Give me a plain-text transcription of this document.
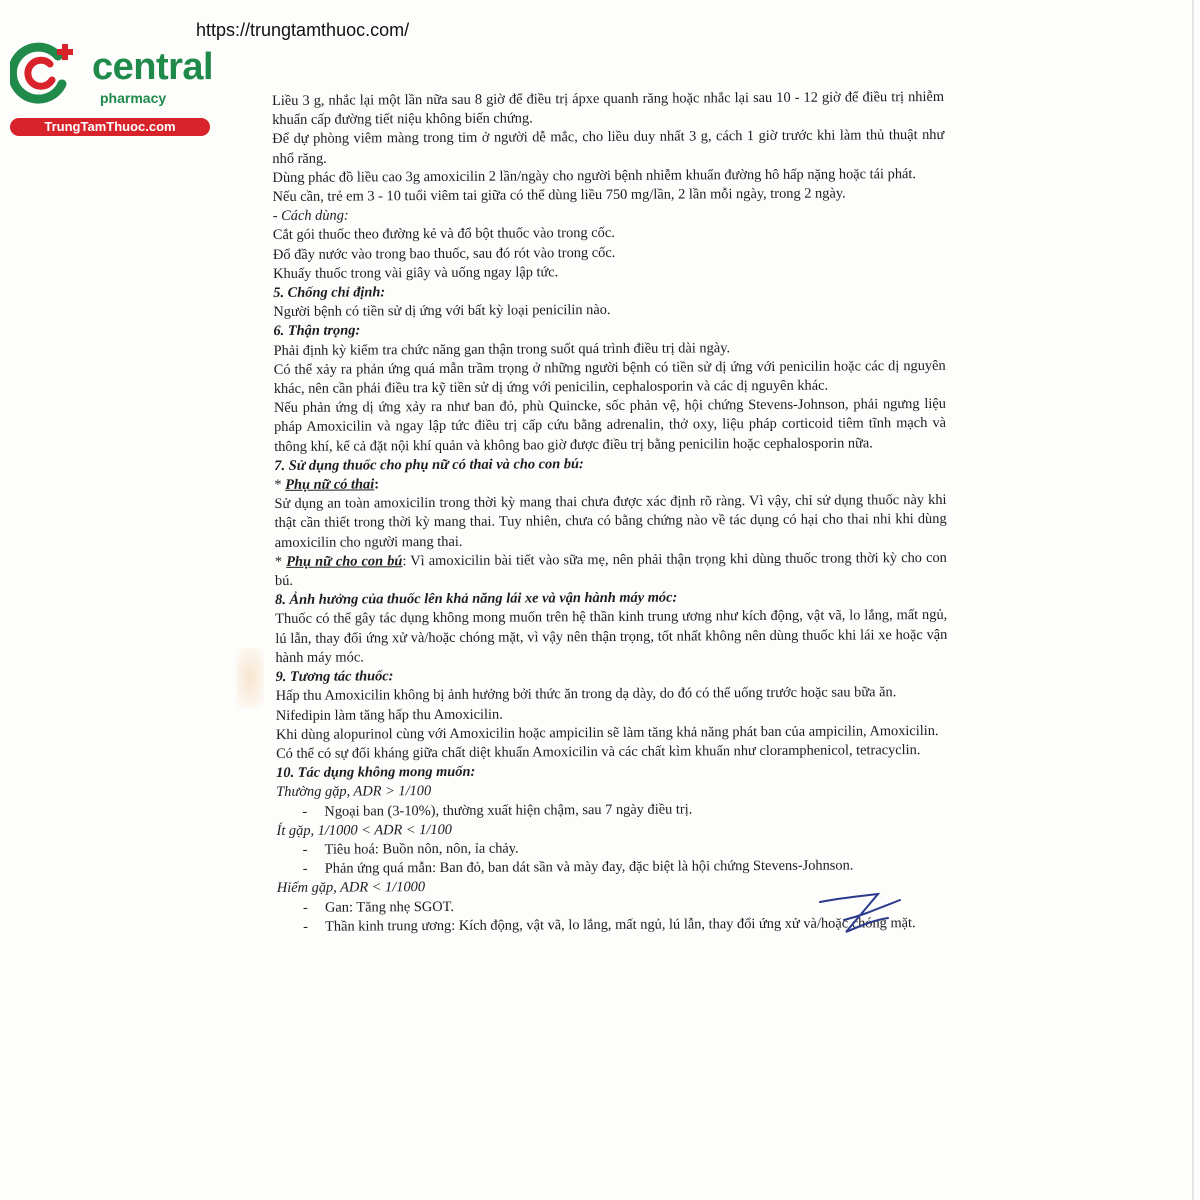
https://trungtamthuoc.com/
central
pharmacy
TrungTamThuoc.com

Liều 3 g, nhắc lại một lần nữa sau 8 giờ để điều trị ápxe quanh răng hoặc nhắc lại sau 10 - 12 giờ để điều trị nhiễm khuẩn cấp đường tiết niệu không biến chứng.

Để dự phòng viêm màng trong tim ở người dễ mắc, cho liều duy nhất 3 g, cách 1 giờ trước khi làm thủ thuật như nhổ răng.

Dùng phác đồ liều cao 3g amoxicilin 2 lần/ngày cho người bệnh nhiễm khuẩn đường hô hấp nặng hoặc tái phát.

Nếu cần, trẻ em 3 - 10 tuổi viêm tai giữa có thể dùng liều 750 mg/lần, 2 lần mỗi ngày, trong 2 ngày.

- Cách dùng:

Cắt gói thuốc theo đường kẻ và đổ bột thuốc vào trong cốc.

Đổ đầy nước vào trong bao thuốc, sau đó rót vào trong cốc.

Khuấy thuốc trong vài giây và uống ngay lập tức.

5. Chống chỉ định:

Người bệnh có tiền sử dị ứng với bất kỳ loại penicilin nào.

6. Thận trọng:

Phải định kỳ kiểm tra chức năng gan thận trong suốt quá trình điều trị dài ngày.

Có thể xảy ra phản ứng quá mẫn trầm trọng ở những người bệnh có tiền sử dị ứng với penicilin hoặc các dị nguyên khác, nên cần phải điều tra kỹ tiền sử dị ứng với penicilin, cephalosporin và các dị nguyên khác.

Nếu phản ứng dị ứng xảy ra như ban đỏ, phù Quincke, sốc phản vệ, hội chứng Stevens-Johnson, phải ngưng liệu pháp Amoxicilin và ngay lập tức điều trị cấp cứu bằng adrenalin, thở oxy, liệu pháp corticoid tiêm tĩnh mạch và thông khí, kể cả đặt nội khí quản và không bao giờ được điều trị bằng penicilin hoặc cephalosporin nữa.

7. Sử dụng thuốc cho phụ nữ có thai và cho con bú:

* Phụ nữ có thai:

Sử dụng an toàn amoxicilin trong thời kỳ mang thai chưa được xác định rõ ràng. Vì vậy, chỉ sử dụng thuốc này khi thật cần thiết trong thời kỳ mang thai. Tuy nhiên, chưa có bằng chứng nào về tác dụng có hại cho thai nhi khi dùng amoxicilin cho người mang thai.

* Phụ nữ cho con bú: Vì amoxicilin bài tiết vào sữa mẹ, nên phải thận trọng khi dùng thuốc trong thời kỳ cho con bú.

8. Ảnh hưởng của thuốc lên khả năng lái xe và vận hành máy móc:

Thuốc có thể gây tác dụng không mong muốn trên hệ thần kinh trung ương như kích động, vật vã, lo lắng, mất ngủ, lú lẫn, thay đổi ứng xử và/hoặc chóng mặt, vì vậy nên thận trọng, tốt nhất không nên dùng thuốc khi lái xe hoặc vận hành máy móc.

9. Tương tác thuốc:

Hấp thu Amoxicilin không bị ảnh hưởng bởi thức ăn trong dạ dày, do đó có thể uống trước hoặc sau bữa ăn.

Nifedipin làm tăng hấp thu Amoxicilin.

Khi dùng alopurinol cùng với Amoxicilin hoặc ampicilin sẽ làm tăng khả năng phát ban của ampicilin, Amoxicilin.

Có thể có sự đối kháng giữa chất diệt khuẩn Amoxicilin và các chất kìm khuẩn như cloramphenicol, tetracyclin.

10. Tác dụng không mong muốn:

Thường gặp, ADR > 1/100

-	Ngoại ban (3-10%), thường xuất hiện chậm, sau 7 ngày điều trị.

Ít gặp, 1/1000 < ADR < 1/100

-	Tiêu hoá: Buồn nôn, nôn, ỉa chảy.
-	Phản ứng quá mẫn: Ban đỏ, ban dát sần và mày đay, đặc biệt là hội chứng Stevens-Johnson.

Hiếm gặp, ADR < 1/1000

-	Gan: Tăng nhẹ SGOT.
-	Thần kinh trung ương: Kích động, vật vã, lo lắng, mất ngủ, lú lẫn, thay đổi ứng xử và/hoặc chóng mặt.
